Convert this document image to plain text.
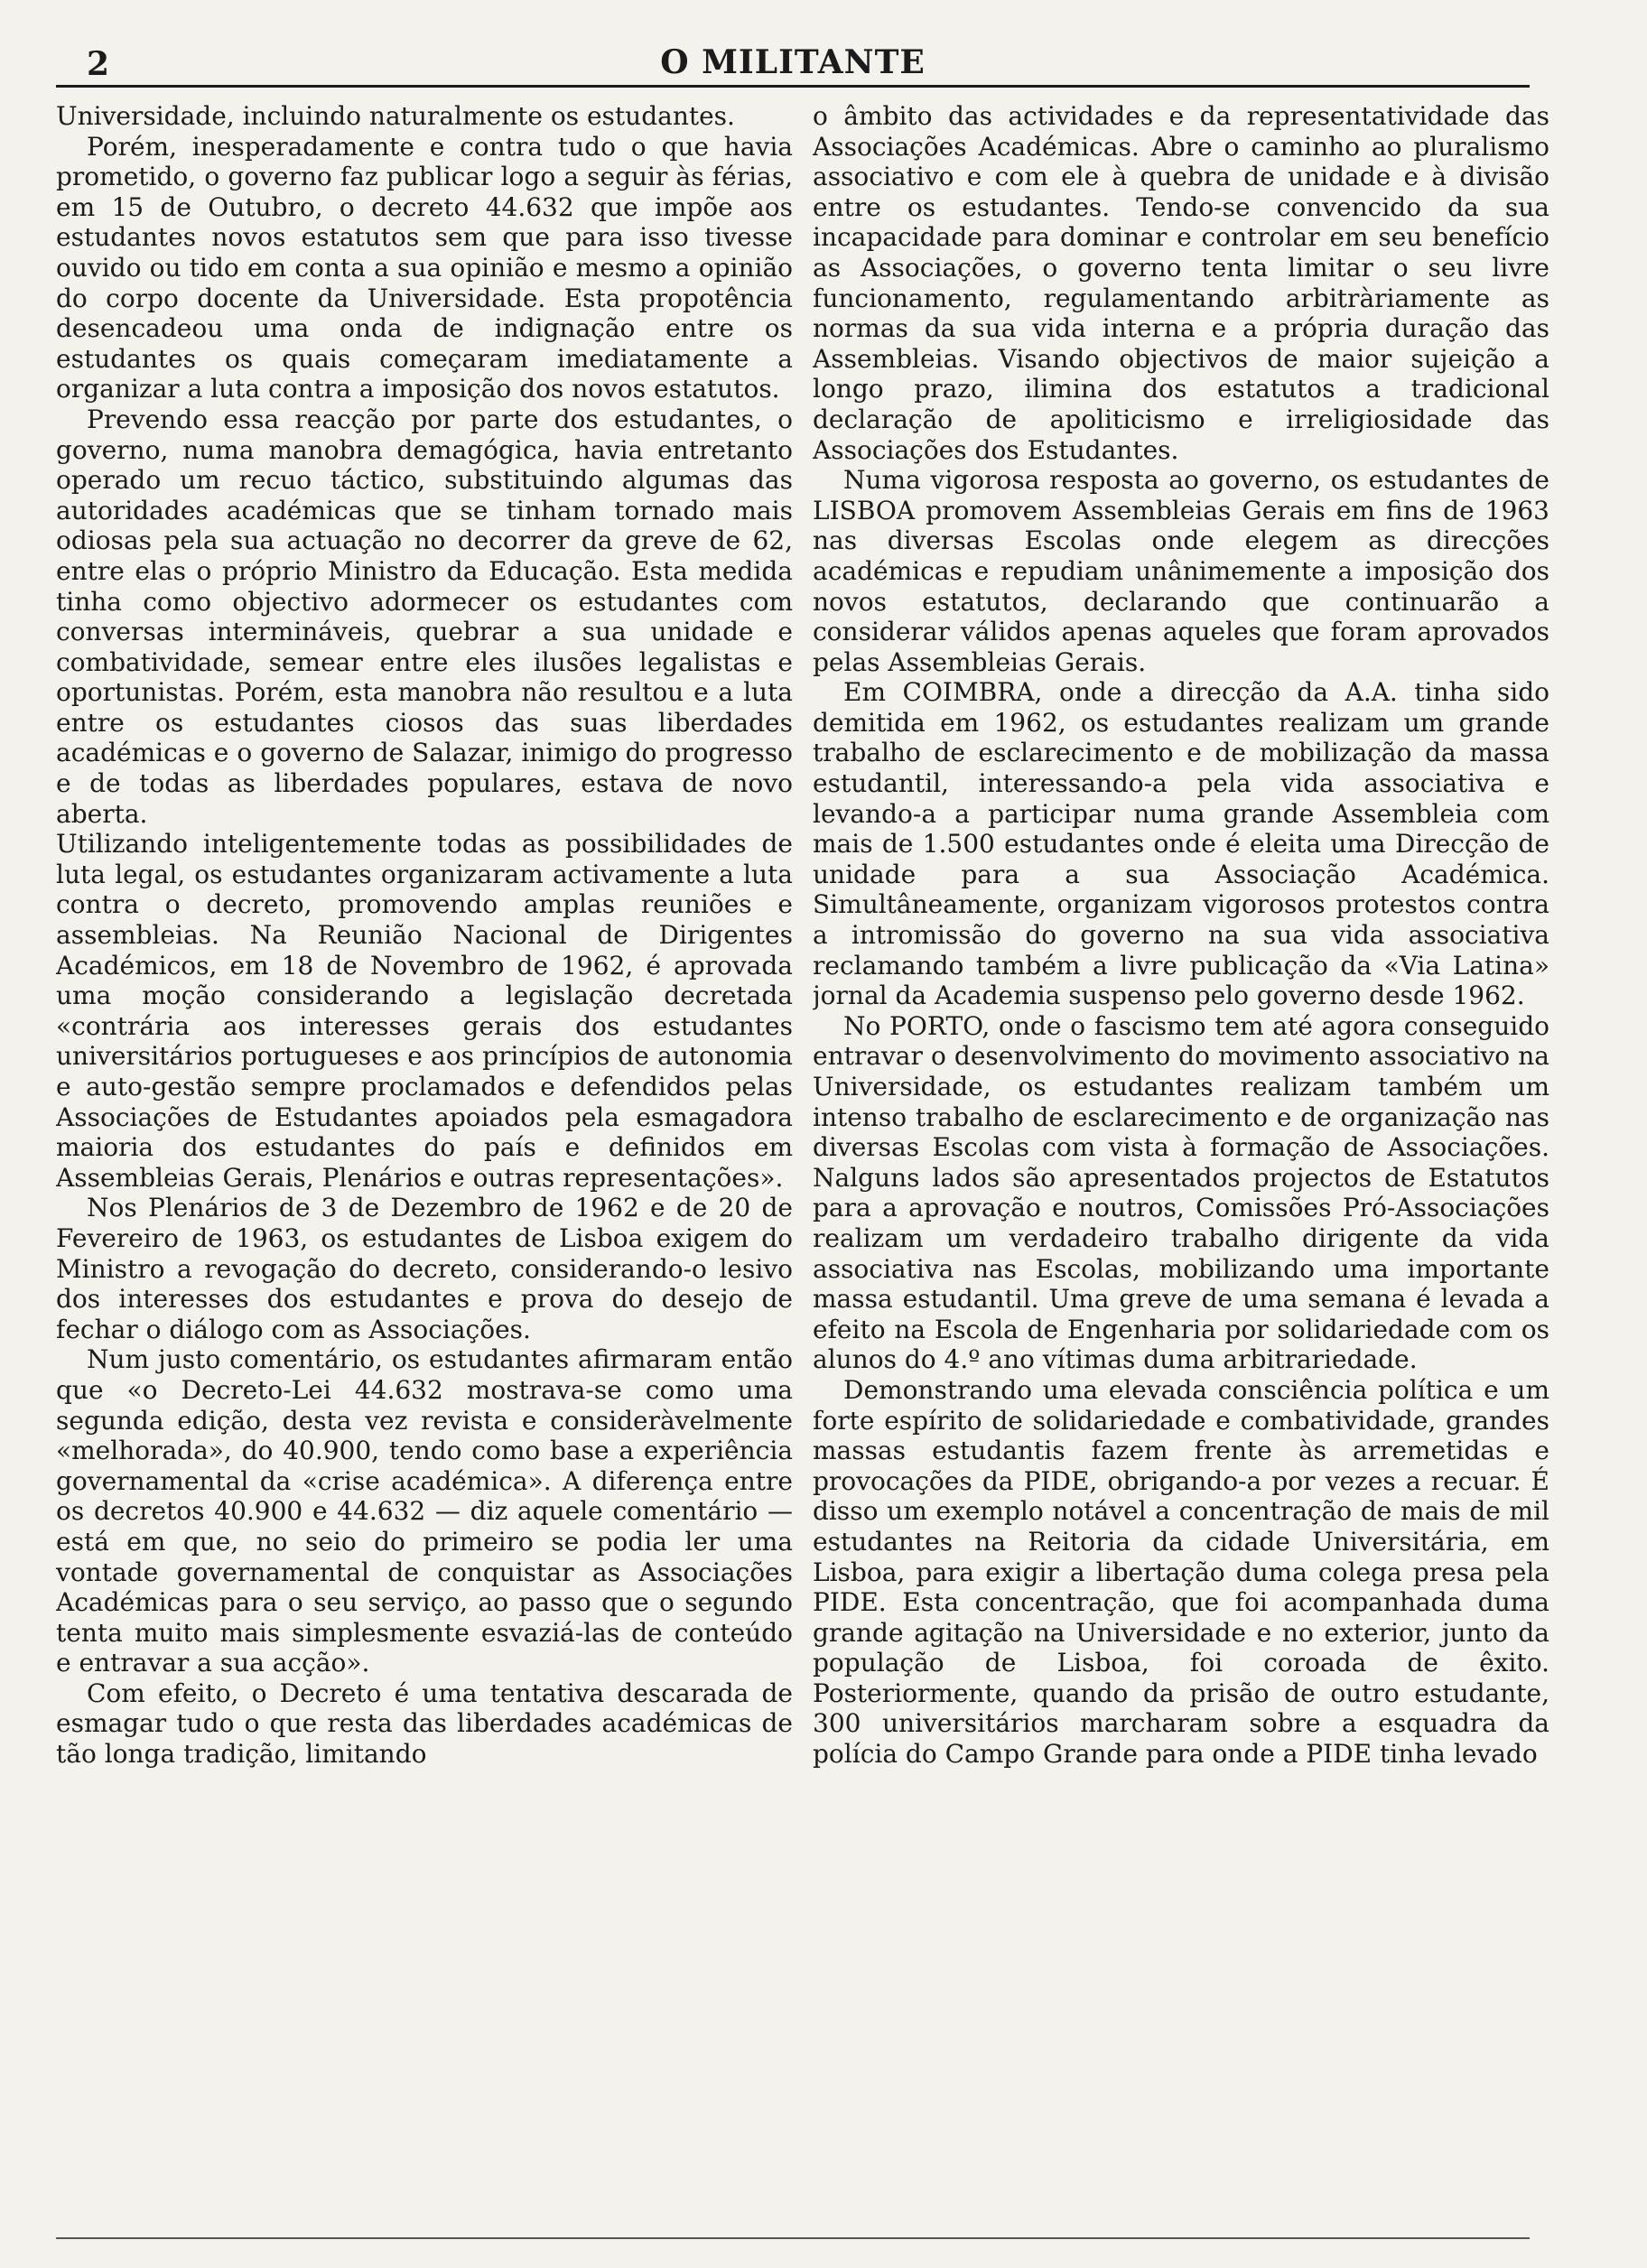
2	O MILITANTE

Universidade, incluindo naturalmente os estudantes.

Porém, inesperadamente e contra tudo o que havia prometido, o governo faz publicar logo a seguir às férias, em 15 de Outubro, o decreto 44.632 que impõe aos estudantes novos estatutos sem que para isso tivesse ouvido ou tido em conta a sua opinião e mesmo a opinião do corpo docente da Universidade. Esta propotência desencadeou uma onda de indignação entre os estudantes os quais começaram imediatamente a organizar a luta contra a imposição dos novos estatutos.

Prevendo essa reacção por parte dos estudantes, o governo, numa manobra demagógica, havia entretanto operado um recuo táctico, substituindo algumas das autoridades académicas que se tinham tornado mais odiosas pela sua actuação no decorrer da greve de 62, entre elas o próprio Ministro da Educação. Esta medida tinha como objectivo adormecer os estudantes com conversas intermináveis, quebrar a sua unidade e combatividade, semear entre eles ilusões legalistas e oportunistas. Porém, esta manobra não resultou e a luta entre os estudantes ciosos das suas liberdades académicas e o governo de Salazar, inimigo do progresso e de todas as liberdades populares, estava de novo aberta.

Utilizando inteligentemente todas as possibilidades de luta legal, os estudantes organizaram activamente a luta contra o decreto, promovendo amplas reuniões e assembleias. Na Reunião Nacional de Dirigentes Académicos, em 18 de Novembro de 1962, é aprovada uma moção considerando a legislação decretada «contrária aos interesses gerais dos estudantes universitários portugueses e aos princípios de autonomia e auto-gestão sempre proclamados e defendidos pelas Associações de Estudantes apoiados pela esmagadora maioria dos estudantes do país e definidos em Assembleias Gerais, Plenários e outras representações».

Nos Plenários de 3 de Dezembro de 1962 e de 20 de Fevereiro de 1963, os estudantes de Lisboa exigem do Ministro a revogação do decreto, considerando-o lesivo dos interesses dos estudantes e prova do desejo de fechar o diálogo com as Associações.

Num justo comentário, os estudantes afirmaram então que «o Decreto-Lei 44.632 mostrava-se como uma segunda edição, desta vez revista e consideràvelmente «melhorada», do 40.900, tendo como base a experiência governamental da «crise académica». A diferença entre os decretos 40.900 e 44.632 — diz aquele comentário — está em que, no seio do primeiro se podia ler uma vontade governamental de conquistar as Associações Académicas para o seu serviço, ao passo que o segundo tenta muito mais simplesmente esvaziá-las de conteúdo e entravar a sua acção».

Com efeito, o Decreto é uma tentativa descarada de esmagar tudo o que resta das liberdades académicas de tão longa tradição, limitando

o âmbito das actividades e da representatividade das Associações Académicas. Abre o caminho ao pluralismo associativo e com ele à quebra de unidade e à divisão entre os estudantes. Tendo-se convencido da sua incapacidade para dominar e controlar em seu benefício as Associações, o governo tenta limitar o seu livre funcionamento, regulamentando arbitràriamente as normas da sua vida interna e a própria duração das Assembleias. Visando objectivos de maior sujeição a longo prazo, ilimina dos estatutos a tradicional declaração de apoliticismo e irreligiosidade das Associações dos Estudantes.

Numa vigorosa resposta ao governo, os estudantes de LISBOA promovem Assembleias Gerais em fins de 1963 nas diversas Escolas onde elegem as direcções académicas e repudiam unânimemente a imposição dos novos estatutos, declarando que continuarão a considerar válidos apenas aqueles que foram aprovados pelas Assembleias Gerais.

Em COIMBRA, onde a direcção da A.A. tinha sido demitida em 1962, os estudantes realizam um grande trabalho de esclarecimento e de mobilização da massa estudantil, interessando-a pela vida associativa e levando-a a participar numa grande Assembleia com mais de 1.500 estudantes onde é eleita uma Direcção de unidade para a sua Associação Académica. Simultâneamente, organizam vigorosos protestos contra a intromissão do governo na sua vida associativa reclamando também a livre publicação da «Via Latina» jornal da Academia suspenso pelo governo desde 1962.

No PORTO, onde o fascismo tem até agora conseguido entravar o desenvolvimento do movimento associativo na Universidade, os estudantes realizam também um intenso trabalho de esclarecimento e de organização nas diversas Escolas com vista à formação de Associações. Nalguns lados são apresentados projectos de Estatutos para a aprovação e noutros, Comissões Pró-Associações realizam um verdadeiro trabalho dirigente da vida associativa nas Escolas, mobilizando uma importante massa estudantil. Uma greve de uma semana é levada a efeito na Escola de Engenharia por solidariedade com os alunos do 4.º ano vítimas duma arbitrariedade.

Demonstrando uma elevada consciência política e um forte espírito de solidariedade e combatividade, grandes massas estudantis fazem frente às arremetidas e provocações da PIDE, obrigando-a por vezes a recuar. É disso um exemplo notável a concentração de mais de mil estudantes na Reitoria da cidade Universitária, em Lisboa, para exigir a libertação duma colega presa pela PIDE. Esta concentração, que foi acompanhada duma grande agitação na Universidade e no exterior, junto da população de Lisboa, foi coroada de êxito. Posteriormente, quando da prisão de outro estudante, 300 universitários marcharam sobre a esquadra da polícia do Campo Grande para onde a PIDE tinha levado
